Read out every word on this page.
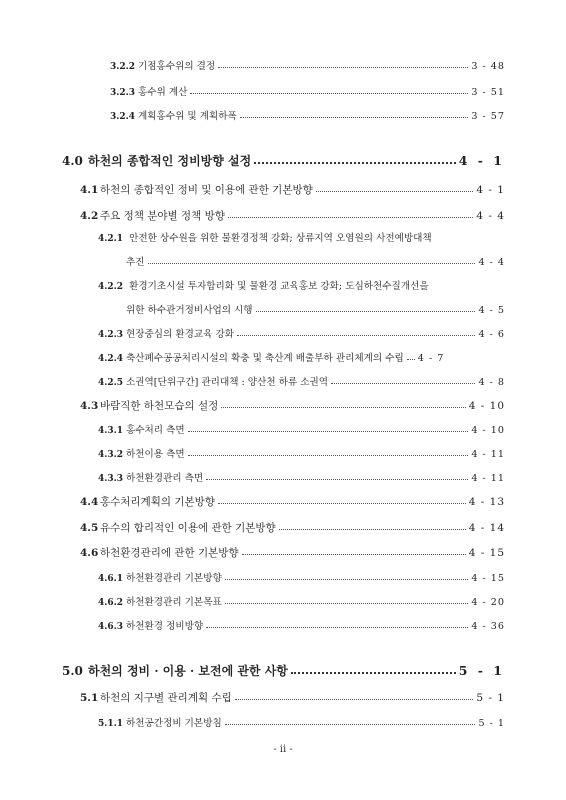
3.2.2 기점홍수위의 결정	3 - 48
3.2.3 홍수위 계산	3 - 51
3.2.4 계획홍수위 및 계획하폭	3 - 57
4.0 하천의 종합적인 정비방향 설정	4 - 1
4.1 하천의 종합적인 정비 및 이용에 관한 기본방향	4 - 1
4.2 주요 정책 분야별 정책 방향	4 - 4
4.2.1 안전한 상수원을 위한 물환경정책 강화; 상류지역 오염원의 사전예방대책
추진	4 - 4
4.2.2 환경기초시설 투자합리화 및 물환경 교육홍보 강화; 도심하천수질개선을
위한 하수관거정비사업의 시행	4 - 5
4.2.3 현장중심의 환경교육 강화	4 - 6
4.2.4 축산폐수공공처리시설의 확충 및 축산계 배출부하 관리체계의 수립 4 - 7
4.2.5 소권역[단위구간] 관리대책 : 양산천 하류 소권역	4 - 8
4.3 바람직한 하천모습의 설정	4 - 10
4.3.1 홍수처리 측면	4 - 10
4.3.2 하천이용 측면	4 - 11
4.3.3 하천환경관리 측면	4 - 11
4.4 홍수처리계획의 기본방향	4 - 13
4.5 유수의 합리적인 이용에 관한 기본방향	4 - 14
4.6 하천환경관리에 관한 기본방향	4 - 15
4.6.1 하천환경관리 기본방향	4 - 15
4.6.2 하천환경관리 기본목표	4 - 20
4.6.3 하천환경 정비방향	4 - 36
5.0 하천의 정비 · 이용 · 보전에 관한 사항	5 - 1
5.1 하천의 지구별 관리계획 수립	5 - 1
5.1.1 하천공간정비 기본방침	5 - 1
- ii -
